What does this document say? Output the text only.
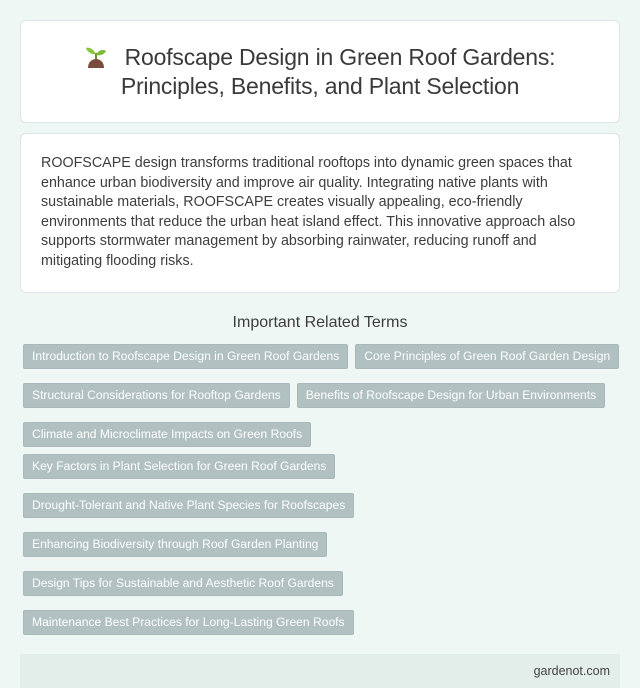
Roofscape Design in Green Roof Gardens: Principles, Benefits, and Plant Selection

ROOFSCAPE design transforms traditional rooftops into dynamic green spaces that enhance urban biodiversity and improve air quality. Integrating native plants with sustainable materials, ROOFSCAPE creates visually appealing, eco-friendly environments that reduce the urban heat island effect. This innovative approach also supports stormwater management by absorbing rainwater, reducing runoff and mitigating flooding risks.

Important Related Terms
Introduction to Roofscape Design in Green Roof Gardens	Core Principles of Green Roof Garden Design
Structural Considerations for Rooftop Gardens	Benefits of Roofscape Design for Urban Environments
Climate and Microclimate Impacts on Green Roofs
Key Factors in Plant Selection for Green Roof Gardens
Drought-Tolerant and Native Plant Species for Roofscapes
Enhancing Biodiversity through Roof Garden Planting
Design Tips for Sustainable and Aesthetic Roof Gardens
Maintenance Best Practices for Long-Lasting Green Roofs
gardenot.com
